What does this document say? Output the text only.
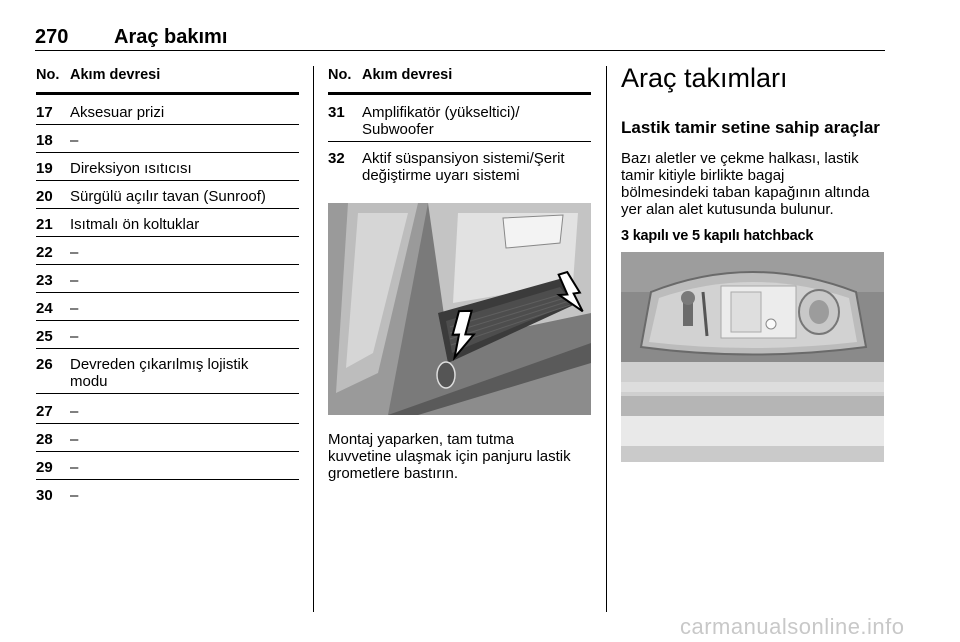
270 Araç bakımı
No. Akım devresi
17 Aksesuar prizi
18 –
19 Direksiyon ısıtıcısı
20 Sürgülü açılır tavan (Sunroof)
21 Isıtmalı ön koltuklar
22 –
23 –
24 –
25 –
26 Devreden çıkarılmış lojistik
modu
27 –
28 –
29 –
30 –
No. Akım devresi
31 Amplifikatör (yükseltici)/
Subwoofer
32 Aktif süspansiyon sistemi/Şerit
değiştirme uyarı sistemi
Montaj yaparken, tam tutma
kuvvetine ulaşmak için panjuru lastik
grometlere bastırın.
Araç takımları
Lastik tamir setine sahip araçlar
Bazı aletler ve çekme halkası, lastik
tamir kitiyle birlikte bagaj
bölmesindeki taban kapağının altında
yer alan alet kutusunda bulunur.
3 kapılı ve 5 kapılı hatchback
carmanualsonline.info
